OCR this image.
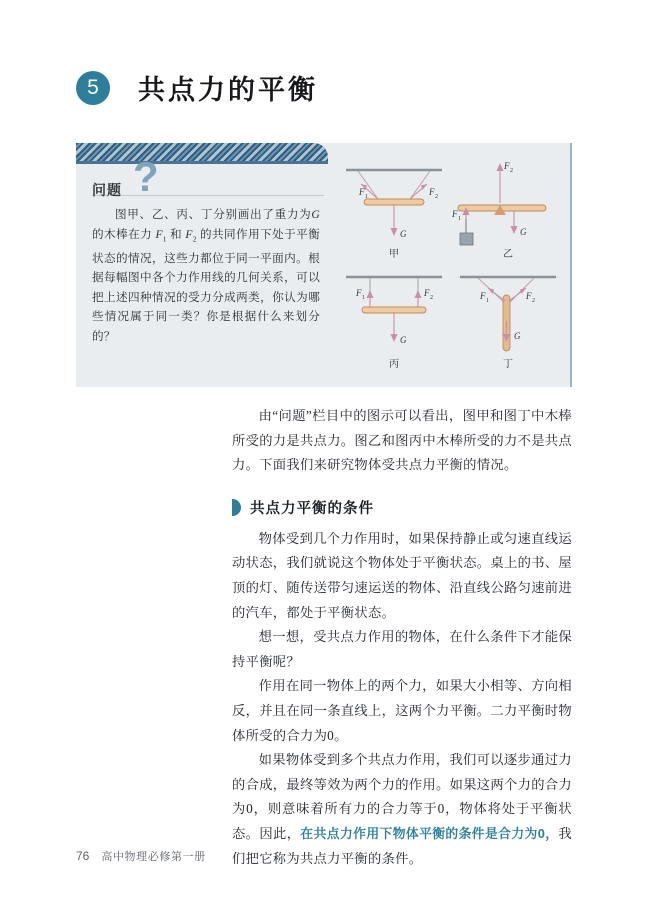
5	共点力的平衡
问题 ?
图甲、乙、丙、丁分别画出了重力为G 的木棒在力 $F_1$ 和 $F_2$ 的共同作用下处于平衡状态的情况，这些力都位于同一平面内。根据每幅图中各个力作用线的几何关系，可以把上述四种情况的受力分成两类，你认为哪些情况属于同一类？你是根据什么来划分的？
F 1	F 2
G
甲
F 2
F 1
G
乙
F 1	F 2
G
丙
F 1	F 2
G
丁

由“问题”栏目中的图示可以看出，图甲和图丁中木棒所受的力是共点力。图乙和图丙中木棒所受的力不是共点力。下面我们来研究物体受共点力平衡的情况。

共点力平衡的条件

物体受到几个力作用时，如果保持静止或匀速直线运动状态，我们就说这个物体处于平衡状态。桌上的书、屋顶的灯、随传送带匀速运送的物体、沿直线公路匀速前进的汽车，都处于平衡状态。

想一想，受共点力作用的物体，在什么条件下才能保持平衡呢？

作用在同一物体上的两个力，如果大小相等、方向相反，并且在同一条直线上，这两个力平衡。二力平衡时物体所受的合力为0。

如果物体受到多个共点力作用，我们可以逐步通过力的合成，最终等效为两个力的作用。如果这两个力的合力为0，则意味着所有力的合力等于0，物体将处于平衡状态。因此，在共点力作用下物体平衡的条件是合力为0，我们把它称为共点力平衡的条件。

76 高中物理必修第一册
